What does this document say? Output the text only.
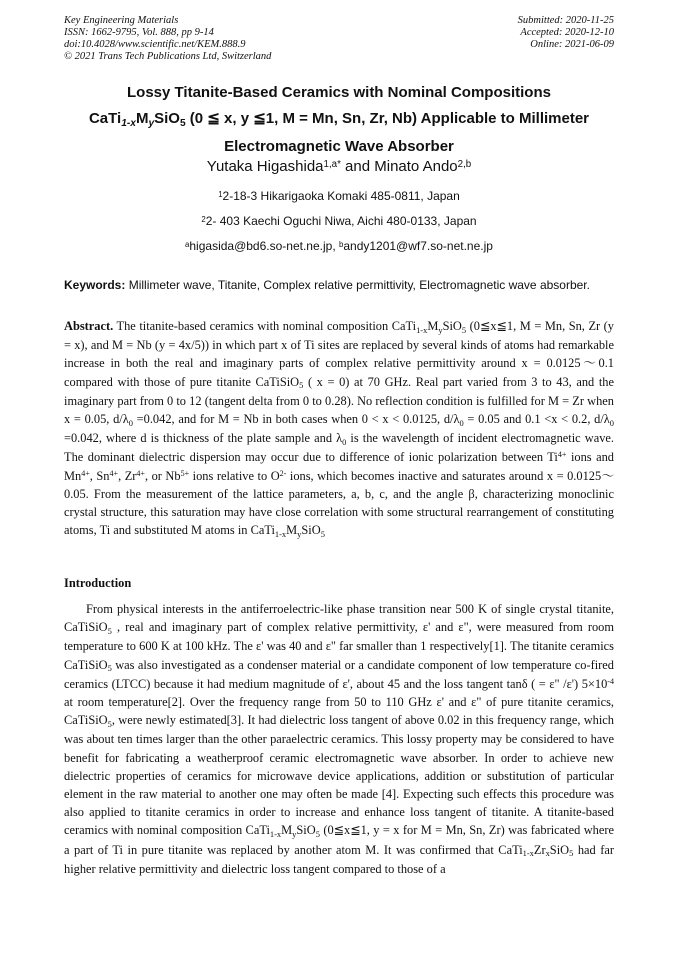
Key Engineering Materials
ISSN: 1662-9795, Vol. 888, pp 9-14
doi:10.4028/www.scientific.net/KEM.888.9
© 2021 Trans Tech Publications Ltd, Switzerland
Submitted: 2020-11-25
Accepted: 2020-12-10
Online: 2021-06-09
Lossy Titanite-Based Ceramics with Nominal Compositions
$CaTi_{1-x}M_ySiO_5$ (0 ≦ x, y ≦1, M = Mn, Sn, Zr, Nb) Applicable to Millimeter
Electromagnetic Wave Absorber
Yutaka Higashida$^{1,a*}$ and Minato Ando$^{2,b}$
$^1$2-18-3 Hikarigaoka Komaki 485-0811, Japan
$^2$2- 403 Kaechi Oguchi Niwa, Aichi 480-0133, Japan
$^a$higasida@bd6.so-net.ne.jp, $^b$andy1201@wf7.so-net.ne.jp
Keywords: Millimeter wave, Titanite, Complex relative permittivity, Electromagnetic wave absorber.
Abstract. The titanite-based ceramics with nominal composition $CaTi_{1-x}M_ySiO_5$ (0≦x≦1, M = Mn, Sn, Zr (y = x), and M = Nb (y = 4x/5)) in which part x of Ti sites are replaced by several kinds of atoms had remarkable increase in both the real and imaginary parts of complex relative permittivity around x = 0.0125～0.1 compared with those of pure titanite CaTiSiO$_5$ ( x = 0) at 70 GHz. Real part varied from 3 to 43, and the imaginary part from 0 to 12 (tangent delta from 0 to 0.28). No reflection condition is fulfilled for M = Zr when x = 0.05, $d/\lambda_0 =0.042$, and for M = Nb in both cases when 0 < x < 0.0125, $d/\lambda_0 = 0.05$ and 0.1 <x < 0.2, $d/\lambda_0 =0.042$, where d is thickness of the plate sample and $\lambda_0$ is the wavelength of incident electromagnetic wave. The dominant dielectric dispersion may occur due to difference of ionic polarization between $Ti^{4+}$ ions and $Mn^{4+}$, $Sn^{4+}$, $Zr^{4+}$, or $Nb^{5+}$ ions relative to $O^{2-}$ ions, which becomes inactive and saturates around x = 0.0125～0.05. From the measurement of the lattice parameters, a, b, c, and the angle β, characterizing monoclinic crystal structure, this saturation may have close correlation with some structural rearrangement of constituting atoms, Ti and substituted M atoms in $CaTi_{1-x}M_ySiO_5$
Introduction
From physical interests in the antiferroelectric-like phase transition near 500 K of single crystal titanite, CaTiSiO$_5$ , real and imaginary part of complex relative permittivity, ε' and ε", were measured from room temperature to 600 K at 100 kHz. The ε' was 40 and ε" far smaller than 1 respectively[1]. The titanite ceramics CaTiSiO$_5$ was also investigated as a condenser material or a candidate component of low temperature co-fired ceramics (LTCC) because it had medium magnitude of ε', about 45 and the loss tangent tanδ ( = ε" /ε') $5\times 10^{-4}$ at room temperature[2]. Over the frequency range from 50 to 110 GHz ε' and ε" of pure titanite ceramics, CaTiSiO$_5$, were newly estimated[3]. It had dielectric loss tangent of above 0.02 in this frequency range, which was about ten times larger than the other paraelectric ceramics. This lossy property may be considered to have benefit for fabricating a weatherproof ceramic electromagnetic wave absorber. In order to achieve new dielectric properties of ceramics for microwave device applications, addition or substitution of particular element in the raw material to another one may often be made [4]. Expecting such effects this procedure was also applied to titanite ceramics in order to increase and enhance loss tangent of titanite. A titanite-based ceramics with nominal composition $CaTi_{1-x}M_ySiO_5$ (0≦x≦1, y = x for M = Mn, Sn, Zr) was fabricated where a part of Ti in pure titanite was replaced by another atom M. It was confirmed that $CaTi_{1-x}Zr_xSiO_5$ had far higher relative permittivity and dielectric loss tangent compared to those of a
